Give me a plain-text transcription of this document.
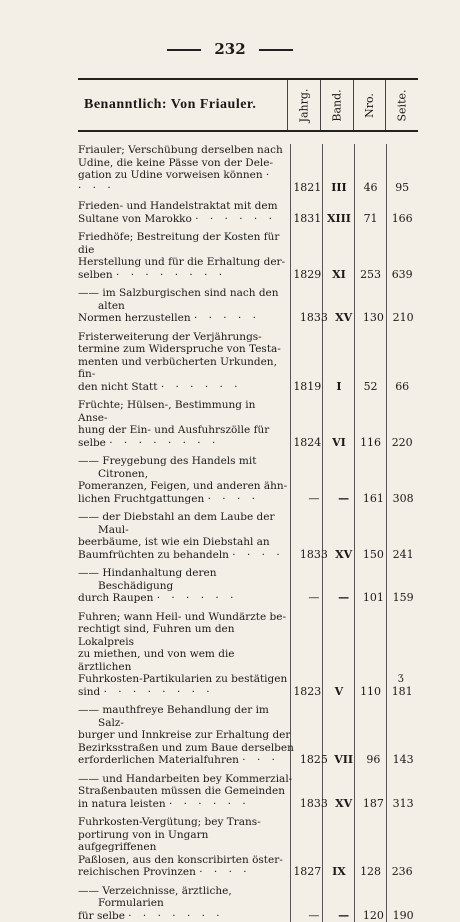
232
Benanntlich: Von Friauler.	Jahrg. Band. Nro. Seite.
Friauler; Verschübung derselben nach
Udine, die keine Pässe von der Dele-
gation zu Udine vorweisen können · · · ·	1821 III	46	95
Frieden- und Handelstraktat mit dem
Sultane von Marokko · · · · · ·	1831 XIII	71	166
Friedhöfe; Bestreitung der Kosten für die
Herstellung und für die Erhaltung der-
selben · · · · · · · ·	1829 XI	253 639
—— im Salzburgischen sind nach den alten
Normen herzustellen · · · · ·	1833 XV 130 210
Fristerweiterung der Verjährungs-
termine zum Widerspruche von Testa-
menten und verbücherten Urkunden, fin-
den nicht Statt · · · · · ·	1819	I	52	66
Früchte; Hülsen-, Bestimmung in Anse-
hung der Ein- und Ausfuhrszölle für
selbe · · · · · · · ·	1824 VI	116 220
—— Freygebung des Handels mit Citronen,
Pomeranzen, Feigen, und anderen ähn-
lichen Fruchtgattungen · · · ·	—	—	161 308
—— der Diebstahl an dem Laube der Maul-
beerbäume, ist wie ein Diebstahl an
Baumfrüchten zu behandeln · · · ·	1833 XV 150 241
—— Hindanhaltung deren Beschädigung
durch Raupen · · · · · ·	—	—	101 159
Fuhren; wann Heil- und Wundärzte be-
rechtigt sind, Fuhren um den Lokalpreis
zu miethen, und von wem die ärztlichen
Fuhrkosten-Partikularien zu bestätigen
sind · · · · · · · ·	1823	V	110 181
—— mauthfreye Behandlung der im Salz-
burger und Innkreise zur Erhaltung der
Bezirksstraßen und zum Baue derselben
erforderlichen Materialfuhren · · ·	1825 VII	96	143
—— und Handarbeiten bey Kommerzial-
Straßenbauten müssen die Gemeinden
in natura leisten · · · · · ·	1833 XV 187 313
Fuhrkosten-Vergütung; bey Trans-
portirung von in Ungarn aufgegriffenen
Paßlosen, aus den konscribirten öster-
reichischen Provinzen · · · ·	1827 IX	128 236
—— Verzeichnisse, ärztliche, Formularien
für selbe · · · · · · ·	—	—	120 190
ʒ
